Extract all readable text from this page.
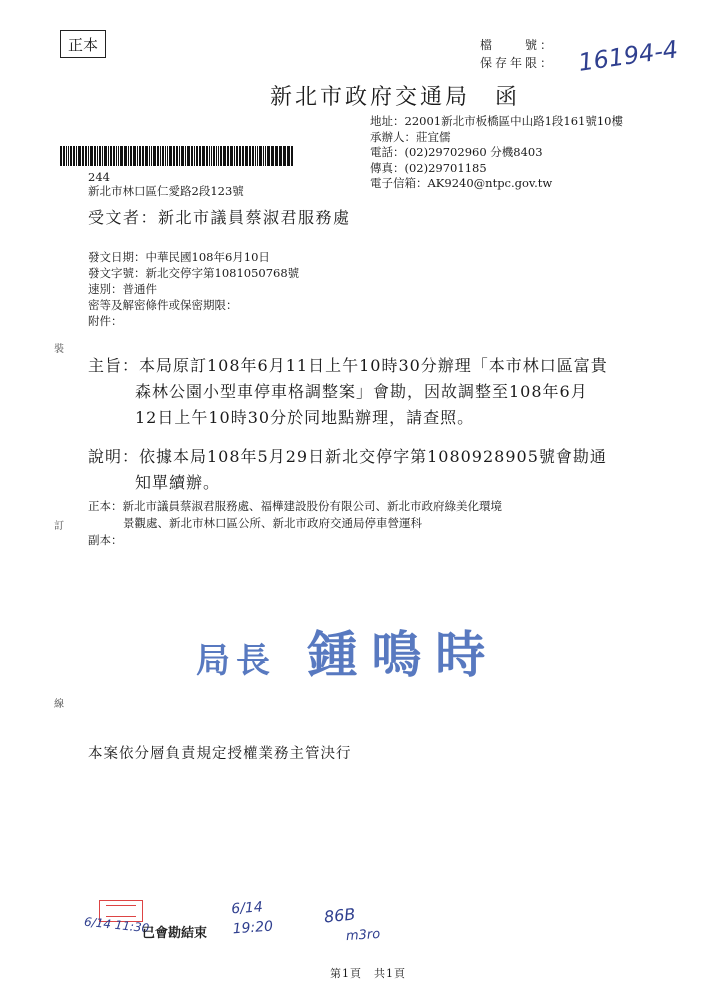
正本	檔　　號：
保存年限： 16194-4
新北市政府交通局　函
地址：22001新北市板橋區中山路1段161號10樓
承辦人：莊宜儒
電話：(02)29702960 分機8403
傳真：(02)29701185
電子信箱：AK9240@ntpc.gov.tw
244
新北市林口區仁愛路2段123號
受文者：新北市議員蔡淑君服務處
發文日期：中華民國108年6月10日
發文字號：新北交停字第1081050768號
速別：普通件
密等及解密條件或保密期限：
附件：
裝
訂
線
主旨：本局原訂108年6月11日上午10時30分辦理「本市林口區富貴
森林公園小型車停車格調整案」會勘，因故調整至108年6月
12日上午10時30分於同地點辦理，請查照。
說明：依據本局108年5月29日新北交停字第1080928905號會勘通
知單續辦。
正本：新北市議員蔡淑君服務處、福樺建設股份有限公司、新北市政府綠美化環境
景觀處、新北市林口區公所、新北市政府交通局停車營運科
副本：
局長 鍾鳴時
本案依分層負責規定授權業務主管決行
6/14 11:30
已會勘結束
6/14 19:20
86B
m3ro
第1頁　共1頁
